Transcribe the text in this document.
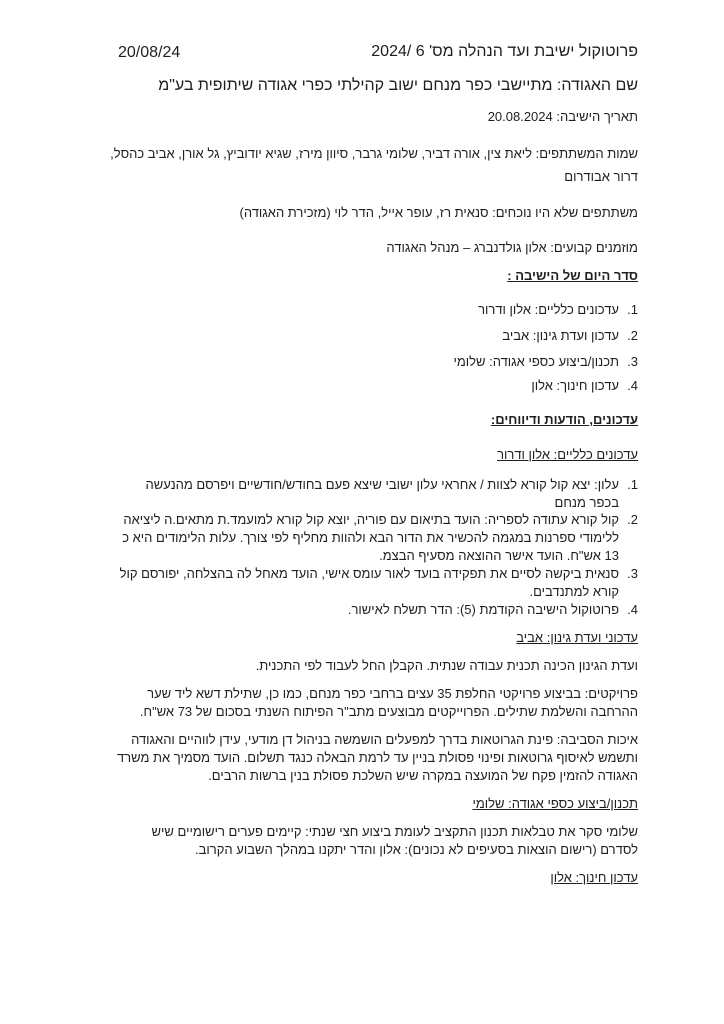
פרוטוקול ישיבת ועד הנהלה מס' 6 /2024
20/08/24
שם האגודה: מתיישבי כפר מנחם ישוב קהילתי כפרי אגודה שיתופית בע"מ
תאריך הישיבה: 20.08.2024
שמות המשתתפים: ליאת צין, אורה דביר, שלומי גרבר, סיוון מירז, שגיא יודוביץ, גל אורן, אביב כהסל,
דרור אבודרום
משתתפים שלא היו נוכחים: סנאית רז, עופר אייל, הדר לוי (מזכירת האגודה)
מוזמנים קבועים: אלון גולדנברג – מנהל האגודה
סדר היום של הישיבה :
1.
עדכונים כלליים: אלון ודרור
2.
עדכון ועדת גינון: אביב
3.
תכנון/ביצוע כספי אגודה: שלומי
4.
עדכון חינוך: אלון
עדכונים, הודעות ודיווחים:
עדכונים כלליים: אלון ודרור
1.
עלון: יצא קול קורא לצוות / אחראי עלון ישובי שיצא פעם בחודש/חודשיים ויפרסם מהנעשה
בכפר מנחם
2.
קול קורא עתודה לספריה: הועד בתיאום עם פוריה, יוצא קול קורא למועמד.ת מתאים.ה ליציאה
ללימודי ספרנות במגמה להכשיר את הדור הבא ולהוות מחליף לפי צורך. עלות הלימודים היא כ
13 אש"ח. הועד אישר ההוצאה מסעיף הבצמ.
3.
סנאית ביקשה לסיים את תפקידה בועד לאור עומס אישי, הועד מאחל לה בהצלחה, יפורסם קול
קורא למתנדבים.
4.
פרוטוקול הישיבה הקודמת (5): הדר תשלח לאישור.
עדכוני ועדת גינון: אביב
ועדת הגינון הכינה תכנית עבודה שנתית. הקבלן החל לעבוד לפי התכנית.
פרויקטים: בביצוע פרויקטי החלפת 35 עצים ברחבי כפר מנחם, כמו כן, שתילת דשא ליד שער
ההרחבה והשלמת שתילים. הפרוייקטים מבוצעים מתב"ר הפיתוח השנתי בסכום של 73 אש"ח.
איכות הסביבה: פינת הגרוטאות בדרך למפעלים הושמשה בניהול דן מודעי, עידן לווהיים והאגודה
ותשמש לאיסוף גרוטאות ופינוי פסולת בניין עד לרמת הבאלה כנגד תשלום. הועד מסמיך את משרד
האגודה להזמין פקח של המועצה במקרה שיש השלכת פסולת בנין ברשות הרבים.
תכנון/ביצוע כספי אגודה: שלומי
שלומי סקר את טבלאות תכנון התקציב לעומת ביצוע חצי שנתי: קיימים פערים רישומיים שיש
לסדרם (רישום הוצאות בסעיפים לא נכונים): אלון והדר יתקנו במהלך השבוע הקרוב.
עדכון חינוך: אלון
